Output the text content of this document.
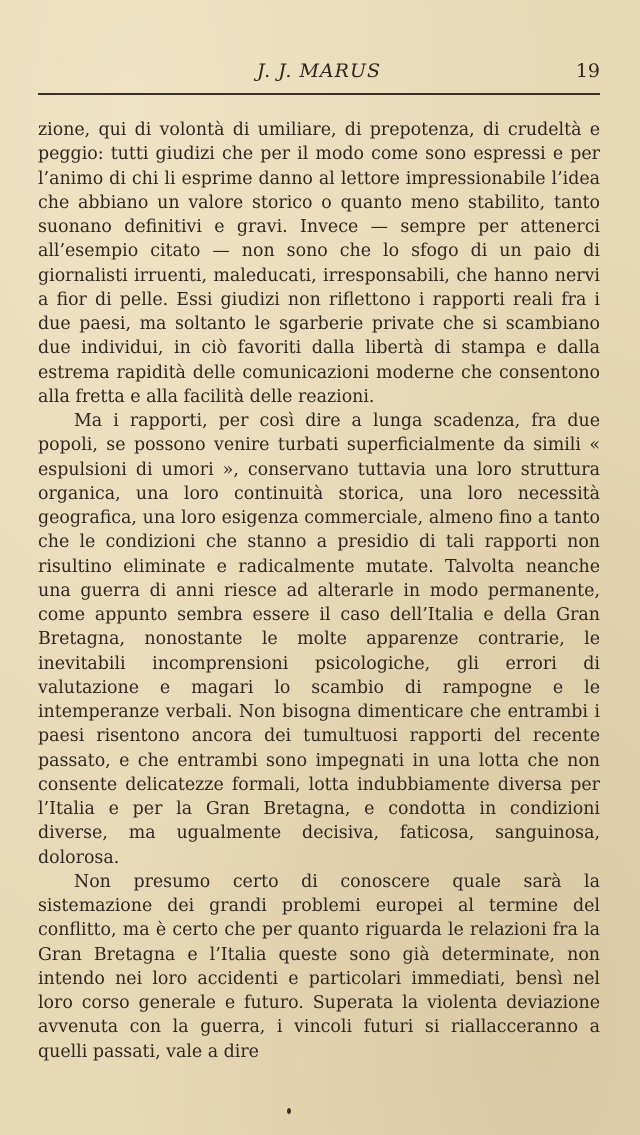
J. J. MARUS	19

zione, qui di volontà di umiliare, di prepotenza, di crudeltà e peggio: tutti giudizi che per il modo come sono espressi e per l’animo di chi li esprime danno al lettore impressionabile l’idea che abbiano un valore storico o quanto meno stabilito, tanto suonano definitivi e gravi. Invece — sempre per attenerci all’esempio citato — non sono che lo sfogo di un paio di giornalisti irruenti, maleducati, irresponsabili, che hanno nervi a fior di pelle. Essi giudizi non riflettono i rapporti reali fra i due paesi, ma soltanto le sgarberie private che si scambiano due individui, in ciò favoriti dalla libertà di stampa e dalla estrema rapidità delle comunicazioni moderne che consentono alla fretta e alla facilità delle reazioni.

Ma i rapporti, per così dire a lunga scadenza, fra due popoli, se possono venire turbati superficialmente da simili « espulsioni di umori », conservano tuttavia una loro struttura organica, una loro continuità storica, una loro necessità geografica, una loro esigenza commerciale, almeno fino a tanto che le condizioni che stanno a presidio di tali rapporti non risultino eliminate e radicalmente mutate. Talvolta neanche una guerra di anni riesce ad alterarle in modo permanente, come appunto sembra essere il caso dell’Italia e della Gran Bretagna, nonostante le molte apparenze contrarie, le inevitabili incomprensioni psicologiche, gli errori di valutazione e magari lo scambio di rampogne e le intemperanze verbali. Non bisogna dimenticare che entrambi i paesi risentono ancora dei tumultuosi rapporti del recente passato, e che entrambi sono impegnati in una lotta che non consente delicatezze formali, lotta indubbiamente diversa per l’Italia e per la Gran Bretagna, e condotta in condizioni diverse, ma ugualmente decisiva, faticosa, sanguinosa, dolorosa.

Non presumo certo di conoscere quale sarà la sistemazione dei grandi problemi europei al termine del conflitto, ma è certo che per quanto riguarda le relazioni fra la Gran Bretagna e l’Italia queste sono già determinate, non intendo nei loro accidenti e particolari immediati, bensì nel loro corso generale e futuro. Superata la violenta deviazione avvenuta con la guerra, i vincoli futuri si riallacceranno a quelli passati, vale a dire
